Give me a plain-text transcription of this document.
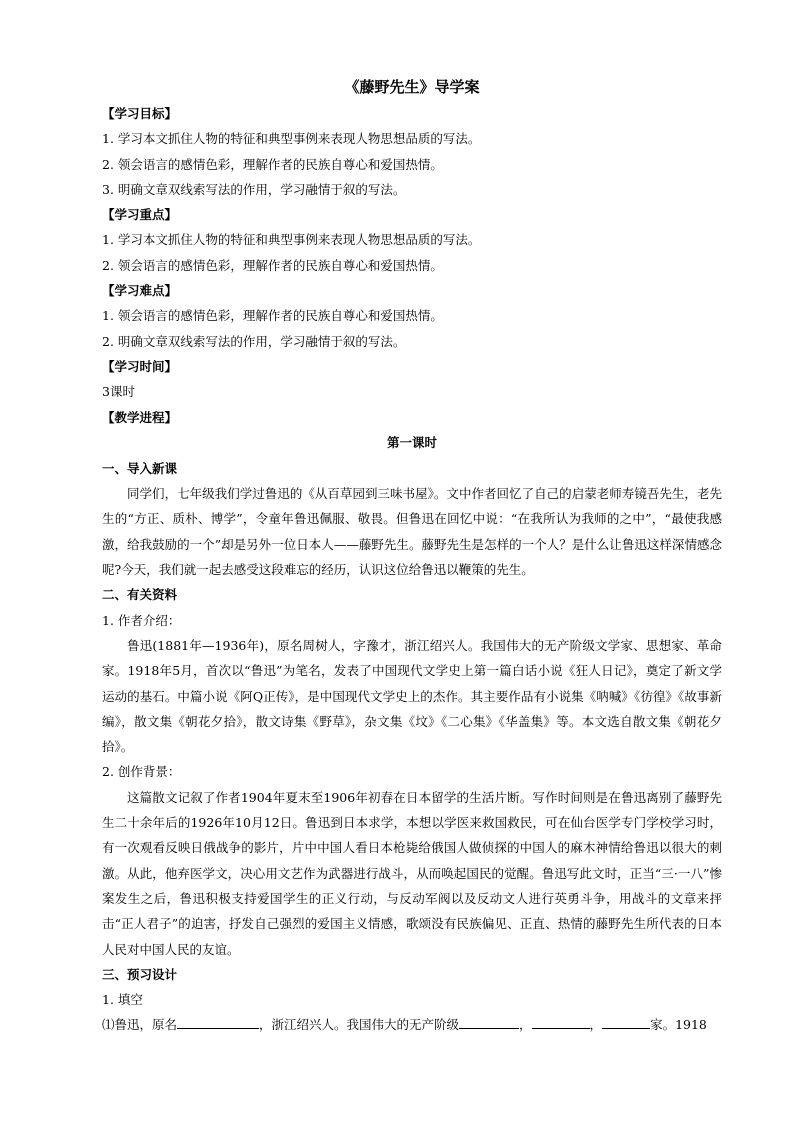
《藤野先生》导学案
【学习目标】
1. 学习本文抓住人物的特征和典型事例来表现人物思想品质的写法。
2. 领会语言的感情色彩，理解作者的民族自尊心和爱国热情。
3. 明确文章双线索写法的作用，学习融情于叙的写法。
【学习重点】
1. 学习本文抓住人物的特征和典型事例来表现人物思想品质的写法。
2. 领会语言的感情色彩，理解作者的民族自尊心和爱国热情。
【学习难点】
1. 领会语言的感情色彩，理解作者的民族自尊心和爱国热情。
2. 明确文章双线索写法的作用，学习融情于叙的写法。
【学习时间】
3课时
【教学进程】
第一课时
一、导入新课

同学们，七年级我们学过鲁迅的《从百草园到三味书屋》。文中作者回忆了自己的启蒙老师寿镜吾先生，老先生的“方正、质朴、博学”，令童年鲁迅佩服、敬畏。但鲁迅在回忆中说：“在我所认为我师的之中”，“最使我感激，给我鼓励的一个”却是另外一位日本人——藤野先生。藤野先生是怎样的一个人？是什么让鲁迅这样深情感念呢?今天，我们就一起去感受这段难忘的经历，认识这位给鲁迅以鞭策的先生。

二、有关资料
1. 作者介绍：

鲁迅(1881年—1936年)，原名周树人，字豫才，浙江绍兴人。我国伟大的无产阶级文学家、思想家、革命家。1918年5月，首次以“鲁迅”为笔名，发表了中国现代文学史上第一篇白话小说《狂人日记》，奠定了新文学运动的基石。中篇小说《阿Q正传》，是中国现代文学史上的杰作。其主要作品有小说集《呐喊》《彷徨》《故事新编》，散文集《朝花夕拾》，散文诗集《野草》，杂文集《坟》《二心集》《华盖集》等。本文选自散文集《朝花夕拾》。

2. 创作背景：

这篇散文记叙了作者1904年夏末至1906年初春在日本留学的生活片断。写作时间则是在鲁迅离别了藤野先生二十余年后的1926年10月12日。鲁迅到日本求学，本想以学医来救国救民，可在仙台医学专门学校学习时，有一次观看反映日俄战争的影片，片中中国人看日本枪毙给俄国人做侦探的中国人的麻木神情给鲁迅以很大的刺激。从此，他弃医学文，决心用文艺作为武器进行战斗，从而唤起国民的觉醒。鲁迅写此文时，正当“三·一八”惨案发生之后，鲁迅积极支持爱国学生的正义行动，与反动军阀以及反动文人进行英勇斗争，用战斗的文章来抨击“正人君子”的迫害，抒发自己强烈的爱国主义情感，歌颂没有民族偏见、正直、热情的藤野先生所代表的日本人民对中国人民的友谊。

三、预习设计
1. 填空
⑴鲁迅，原名	，浙江绍兴人。我国伟大的无产阶级	，	，	家。1918
